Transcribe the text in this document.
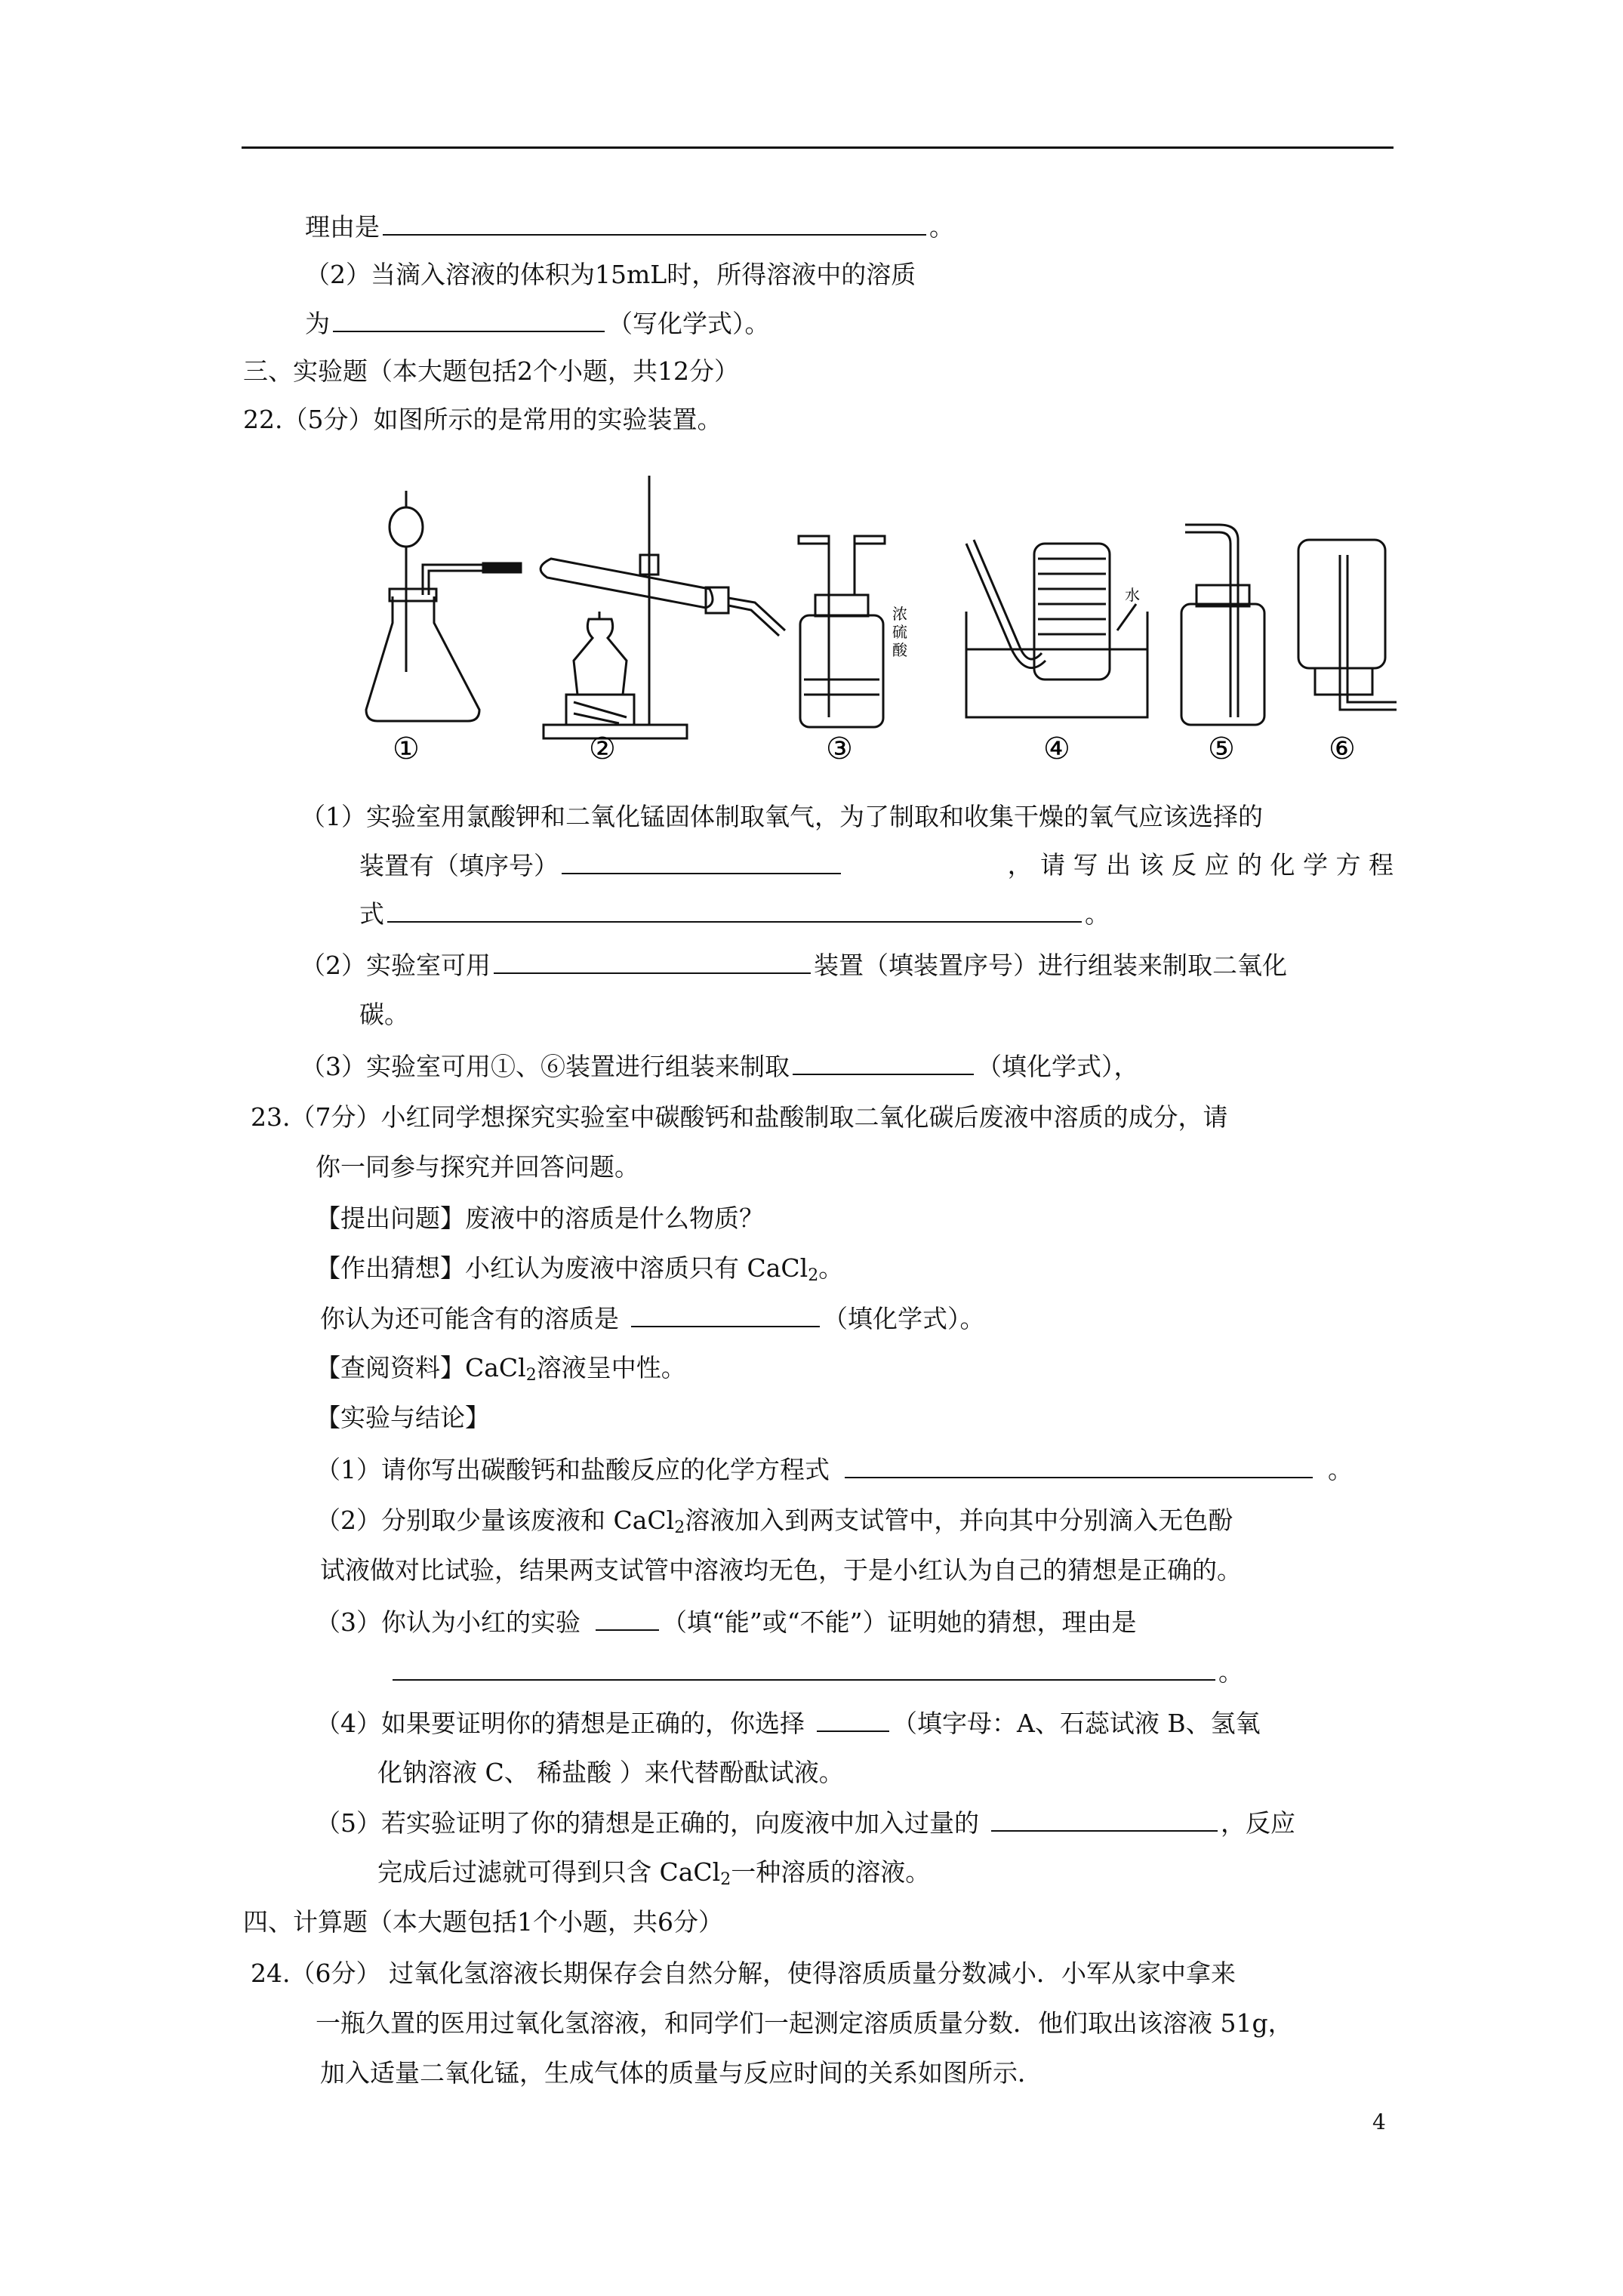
理由是	。
（2）当滴入溶液的体积为15mL时，所得溶液中的溶质
为	（写化学式）。
三、实验题（本大题包括2个小题，共12分）
22.（5分）如图所示的是常用的实验装置。
浓硫酸
水
①	②	③	④	⑤	⑥
（1）实验室用氯酸钾和二氧化锰固体制取氧气，为了制取和收集干燥的氧气应该选择的
装置有（填序号）	， 请 写 出 该 反 应 的 化 学 方 程
式	。
（2）实验室可用	装置（填装置序号）进行组装来制取二氧化
碳。
（3）实验室可用①、⑥装置进行组装来制取	（填化学式），
23.（7分）小红同学想探究实验室中碳酸钙和盐酸制取二氧化碳后废液中溶质的成分，请
你一同参与探究并回答问题。
【提出问题】废液中的溶质是什么物质？
【作出猜想】小红认为废液中溶质只有 CaCl$_2$。
你认为还可能含有的溶质是	（填化学式）。
【查阅资料】CaCl$_2$溶液呈中性。
【实验与结论】
（1）请你写出碳酸钙和盐酸反应的化学方程式	。
（2）分别取少量该废液和 CaCl$_2$溶液加入到两支试管中，并向其中分别滴入无色酚
试液做对比试验，结果两支试管中溶液均无色，于是小红认为自己的猜想是正确的。
（3）你认为小红的实验	（填“能”或“不能”）证明她的猜想，理由是
。
（4）如果要证明你的猜想是正确的，你选择	（填字母：A、石蕊试液 B、氢氧
化钠溶液 C、 稀盐酸 ）来代替酚酞试液。
（5）若实验证明了你的猜想是正确的，向废液中加入过量的	，反应
完成后过滤就可得到只含 CaCl$_2$一种溶质的溶液。
四、计算题（本大题包括1个小题，共6分）
24.（6分） 过氧化氢溶液长期保存会自然分解，使得溶质质量分数减小．小军从家中拿来
一瓶久置的医用过氧化氢溶液，和同学们一起测定溶质质量分数．他们取出该溶液 51g，
加入适量二氧化锰，生成气体的质量与反应时间的关系如图所示．
4
